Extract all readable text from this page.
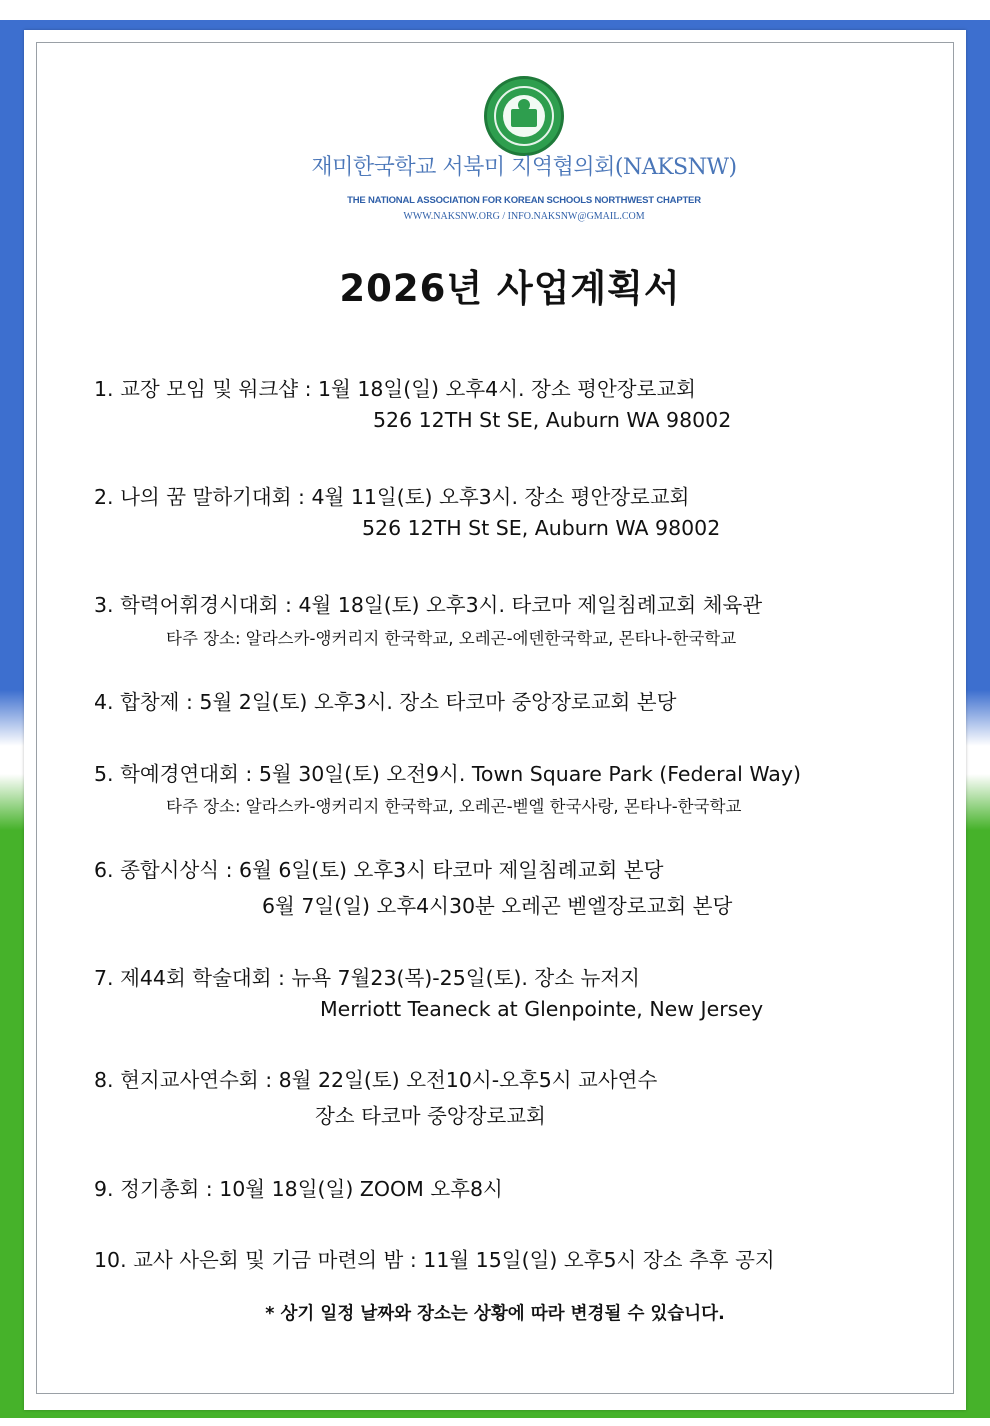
재미한국학교 서북미 지역협의회(NAKSNW)
THE NATIONAL ASSOCIATION FOR KOREAN SCHOOLS NORTHWEST CHAPTER
WWW.NAKSNW.ORG / INFO.NAKSNW@GMAIL.COM
2026년 사업계획서
1. 교장 모임 및 워크샵 : 1월 18일(일) 오후4시. 장소 평안장로교회
526 12TH St SE, Auburn WA 98002
2. 나의 꿈 말하기대회 : 4월 11일(토) 오후3시. 장소 평안장로교회
526 12TH St SE, Auburn WA 98002
3. 학력어휘경시대회 : 4월 18일(토) 오후3시. 타코마 제일침례교회 체육관
타주 장소: 알라스카-앵커리지 한국학교, 오레곤-에덴한국학교, 몬타나-한국학교
4. 합창제 : 5월 2일(토) 오후3시. 장소 타코마 중앙장로교회 본당
5. 학예경연대회 : 5월 30일(토) 오전9시. Town Square Park (Federal Way)
타주 장소: 알라스카-앵커리지 한국학교, 오레곤-벧엘 한국사랑, 몬타나-한국학교
6. 종합시상식 : 6월 6일(토) 오후3시 타코마 제일침례교회 본당
6월 7일(일) 오후4시30분 오레곤 벧엘장로교회 본당
7. 제44회 학술대회 : 뉴욕 7월23(목)-25일(토). 장소 뉴저지
Merriott Teaneck at Glenpointe, New Jersey
8. 현지교사연수회 : 8월 22일(토) 오전10시-오후5시 교사연수
장소 타코마 중앙장로교회
9. 정기총회 : 10월 18일(일) ZOOM 오후8시
10. 교사 사은회 및 기금 마련의 밤 : 11월 15일(일) 오후5시 장소 추후 공지
* 상기 일정 날짜와 장소는 상황에 따라 변경될 수 있습니다.
